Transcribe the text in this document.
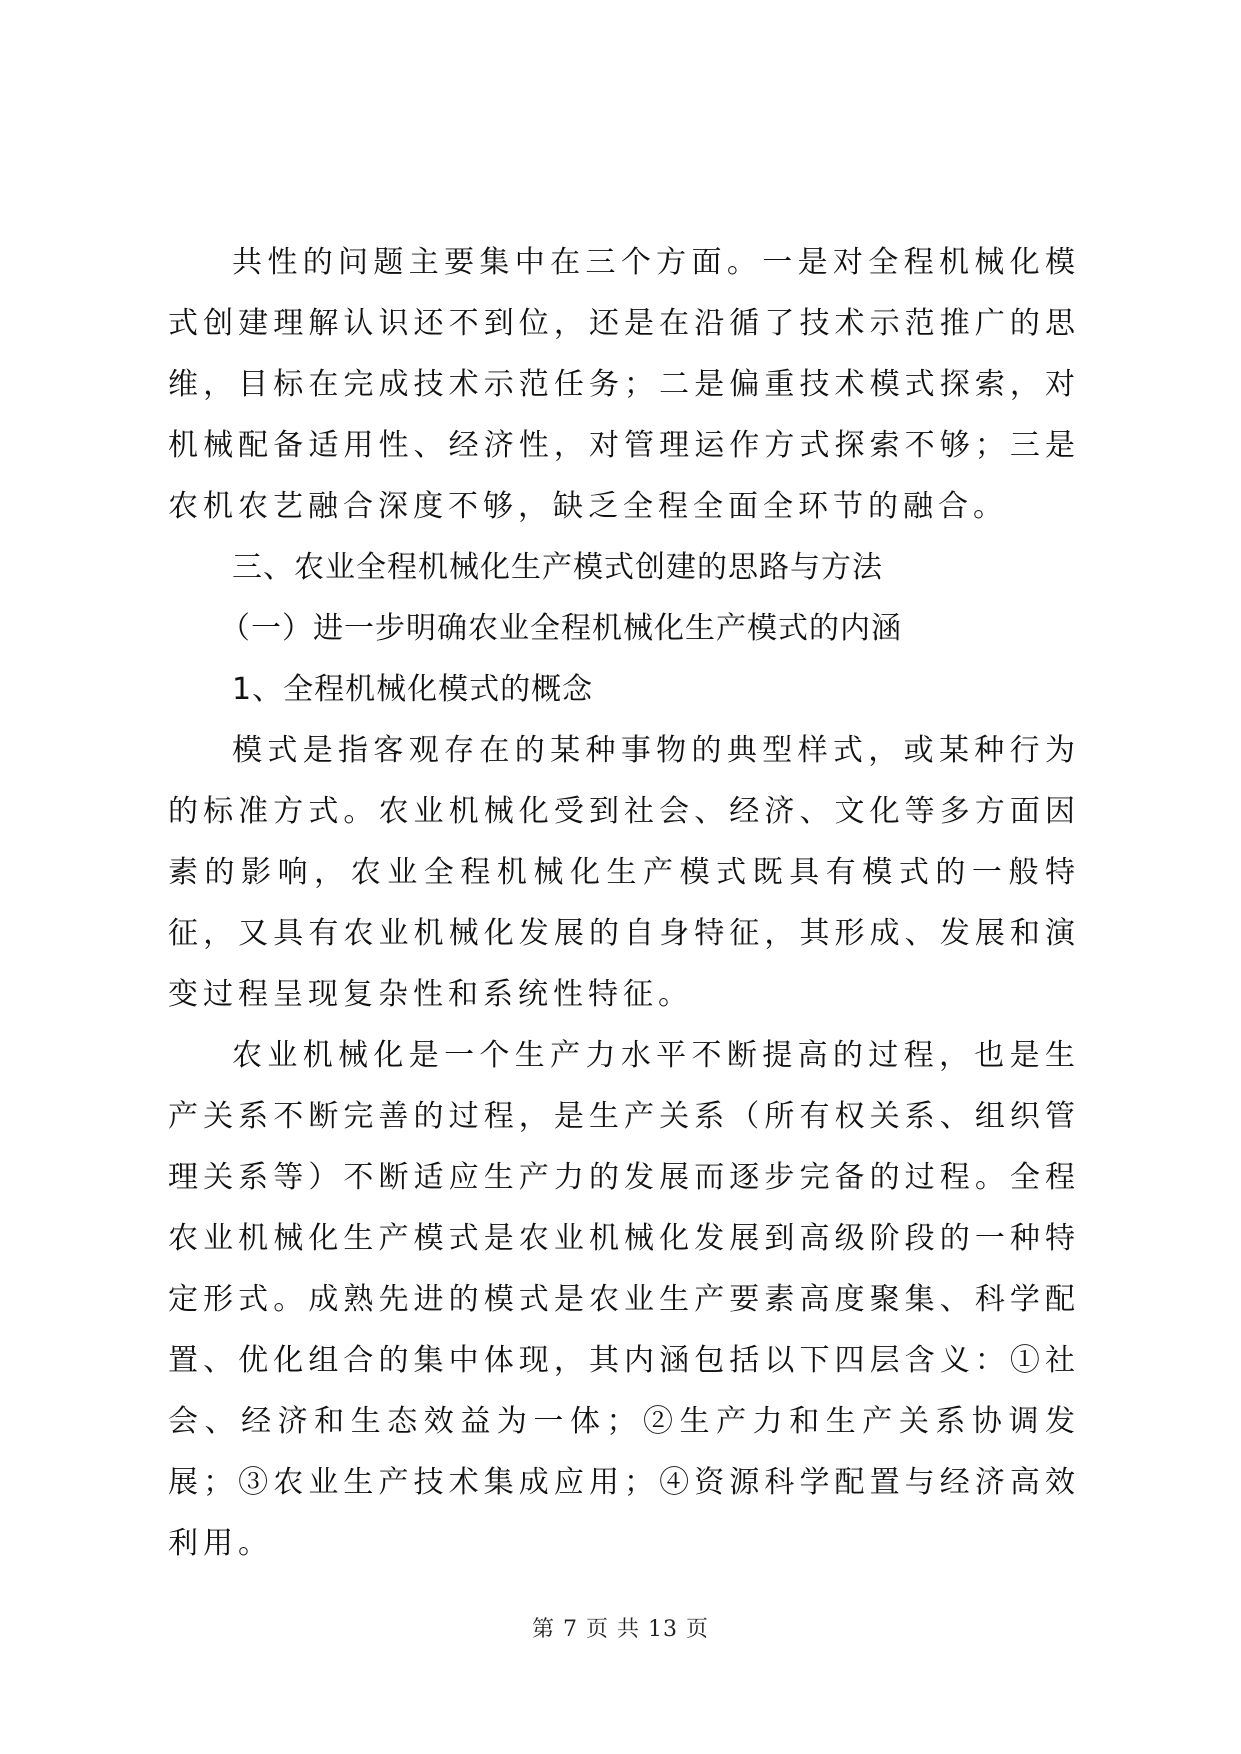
共性的问题主要集中在三个方面。一是对全程机械化模式创建理解认识还不到位，还是在沿循了技术示范推广的思维，目标在完成技术示范任务；二是偏重技术模式探索，对机械配备适用性、经济性，对管理运作方式探索不够；三是农机农艺融合深度不够，缺乏全程全面全环节的融合。

三、农业全程机械化生产模式创建的思路与方法

（一）进一步明确农业全程机械化生产模式的内涵

1、全程机械化模式的概念

模式是指客观存在的某种事物的典型样式，或某种行为的标准方式。农业机械化受到社会、经济、文化等多方面因素的影响，农业全程机械化生产模式既具有模式的一般特征，又具有农业机械化发展的自身特征，其形成、发展和演变过程呈现复杂性和系统性特征。

农业机械化是一个生产力水平不断提高的过程，也是生产关系不断完善的过程，是生产关系（所有权关系、组织管理关系等）不断适应生产力的发展而逐步完备的过程。全程农业机械化生产模式是农业机械化发展到高级阶段的一种特定形式。成熟先进的模式是农业生产要素高度聚集、科学配置、优化组合的集中体现，其内涵包括以下四层含义：①社会、经济和生态效益为一体；②生产力和生产关系协调发展；③农业生产技术集成应用；④资源科学配置与经济高效利用。

第 7 页 共 13 页
